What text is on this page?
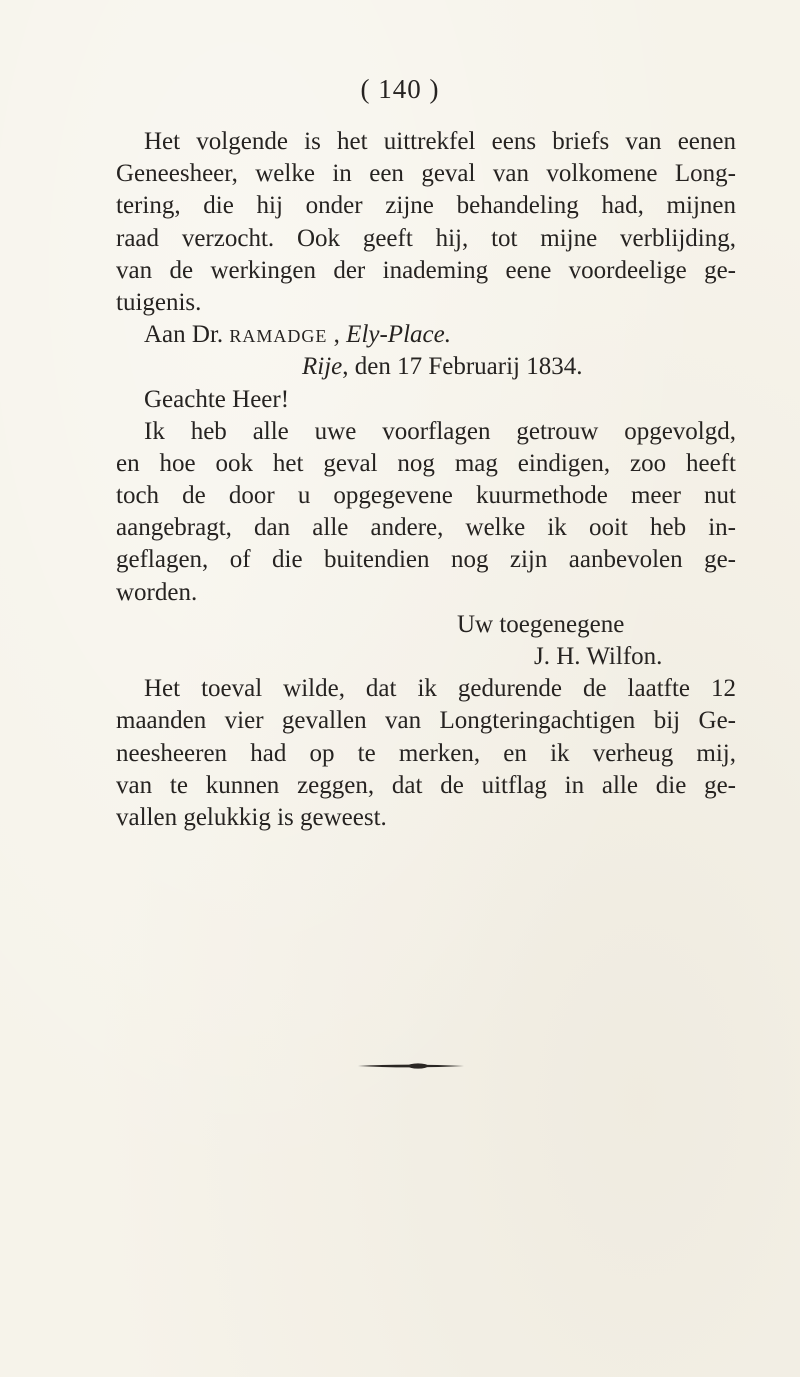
( 140 )
Het volgende is het uittrekfel eens briefs van eenen
Geneesheer, welke in een geval van volkomene Long-
tering, die hij onder zijne behandeling had, mijnen
raad verzocht. Ook geeft hij, tot mijne verblijding,
van de werkingen der inademing eene voordeelige ge-
tuigenis.
Aan Dr. ramadge , Ely-Place.
Rije, den 17 Februarij 1834.
Geachte Heer!
Ik heb alle uwe voorflagen getrouw opgevolgd,
en hoe ook het geval nog mag eindigen, zoo heeft
toch de door u opgegevene kuurmethode meer nut
aangebragt, dan alle andere, welke ik ooit heb in-
geflagen, of die buitendien nog zijn aanbevolen ge-
worden.
Uw toegenegene
J. H. Wilfon.
Het toeval wilde, dat ik gedurende de laatfte 12
maanden vier gevallen van Longteringachtigen bij Ge-
neesheeren had op te merken, en ik verheug mij,
van te kunnen zeggen, dat de uitflag in alle die ge-
vallen gelukkig is geweest.
